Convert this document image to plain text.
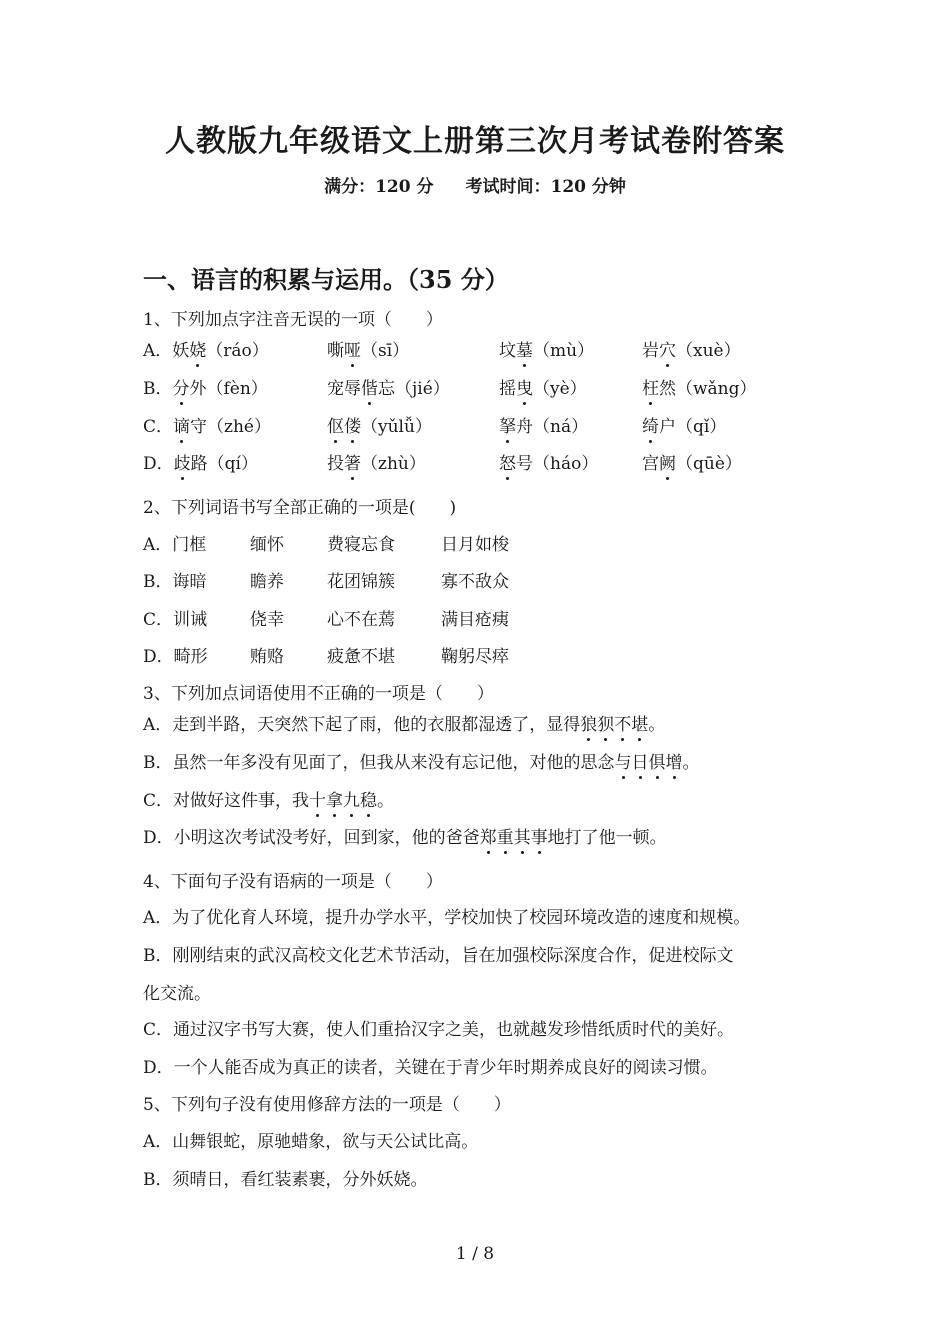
人教版九年级语文上册第三次月考试卷附答案
满分：120 分 考试时间：120 分钟
一、语言的积累与运用。（35 分）
1、下列加点字注音无误的一项（　　）
A．妖娆（ráo）	嘶哑（sī）	坟墓（mù）	岩穴（xuè）
B．分外（fèn）	宠辱偕忘（jié）	摇曳（yè）	枉然（wǎng）
C．谪守（zhé）	伛偻（yǔlǚ）	拏舟（ná）	绮户（qǐ）
D．歧路（qí）	投箸（zhù）	怒号（háo）	宫阙（qūè）
2、下列词语书写全部正确的一项是(　　)
A．门框	缅怀	费寝忘食	日月如梭
B．诲暗	瞻养	花团锦簇	寡不敌众
C．训诫	侥幸	心不在蔫	满目疮痍
D．畸形 贿赂	疲惫不堪	鞠躬尽瘁
3、下列加点词语使用不正确的一项是（　　）
A．走到半路，天突然下起了雨，他的衣服都湿透了，显得狼狈不堪。
B．虽然一年多没有见面了，但我从来没有忘记他，对他的思念与日俱增。
C．对做好这件事，我十拿九稳。
D．小明这次考试没考好，回到家，他的爸爸郑重其事地打了他一顿。
4、下面句子没有语病的一项是（　　）
A．为了优化育人环境，提升办学水平，学校加快了校园环境改造的速度和规模。
B．刚刚结束的武汉高校文化艺术节活动，旨在加强校际深度合作，促进校际文
化交流。
C．通过汉字书写大赛，使人们重拾汉字之美，也就越发珍惜纸质时代的美好。
D．一个人能否成为真正的读者，关键在于青少年时期养成良好的阅读习惯。
5、下列句子没有使用修辞方法的一项是（　　）
A．山舞银蛇，原驰蜡象，欲与天公试比高。
B．须晴日，看红装素裹，分外妖娆。
1 / 8
